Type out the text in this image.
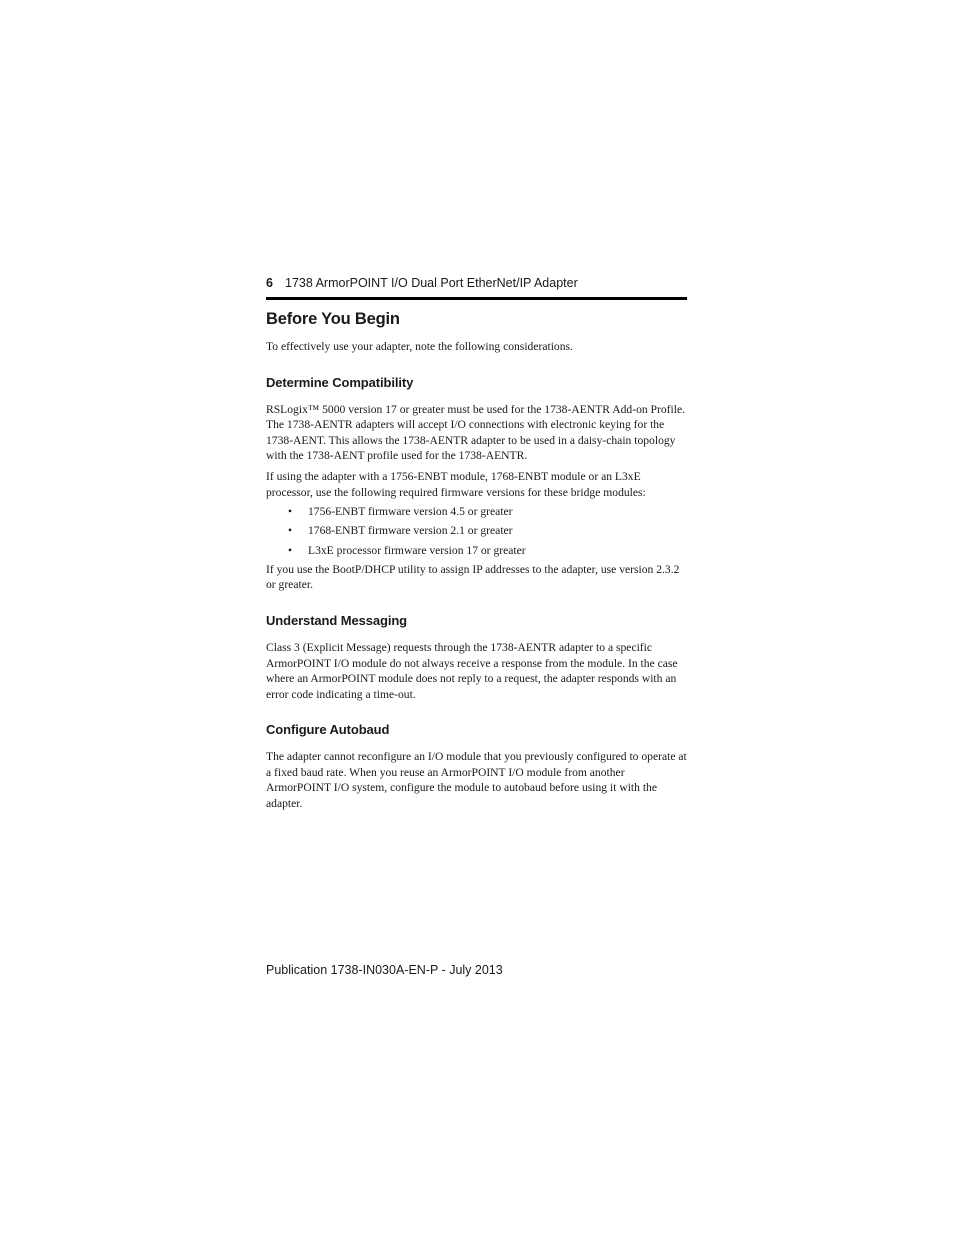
6 1738 ArmorPOINT I/O Dual Port EtherNet/IP Adapter
Before You Begin

To effectively use your adapter, note the following considerations.

Determine Compatibility

RSLogix™ 5000 version 17 or greater must be used for the 1738-AENTR Add-on Profile. The 1738-AENTR adapters will accept I/O connections with electronic keying for the 1738-AENT. This allows the 1738-AENTR adapter to be used in a daisy-chain topology with the 1738-AENT profile used for the 1738-AENTR.

If using the adapter with a 1756-ENBT module, 1768-ENBT module or an L3xE processor, use the following required firmware versions for these bridge modules:

• 1756-ENBT firmware version 4.5 or greater
• 1768-ENBT firmware version 2.1 or greater
• L3xE processor firmware version 17 or greater

If you use the BootP/DHCP utility to assign IP addresses to the adapter, use version 2.3.2 or greater.

Understand Messaging

Class 3 (Explicit Message) requests through the 1738-AENTR adapter to a specific ArmorPOINT I/O module do not always receive a response from the module. In the case where an ArmorPOINT module does not reply to a request, the adapter responds with an error code indicating a time-out.

Configure Autobaud

The adapter cannot reconfigure an I/O module that you previously configured to operate at a fixed baud rate. When you reuse an ArmorPOINT I/O module from another ArmorPOINT I/O system, configure the module to autobaud before using it with the adapter.

Publication 1738-IN030A-EN-P - July 2013
